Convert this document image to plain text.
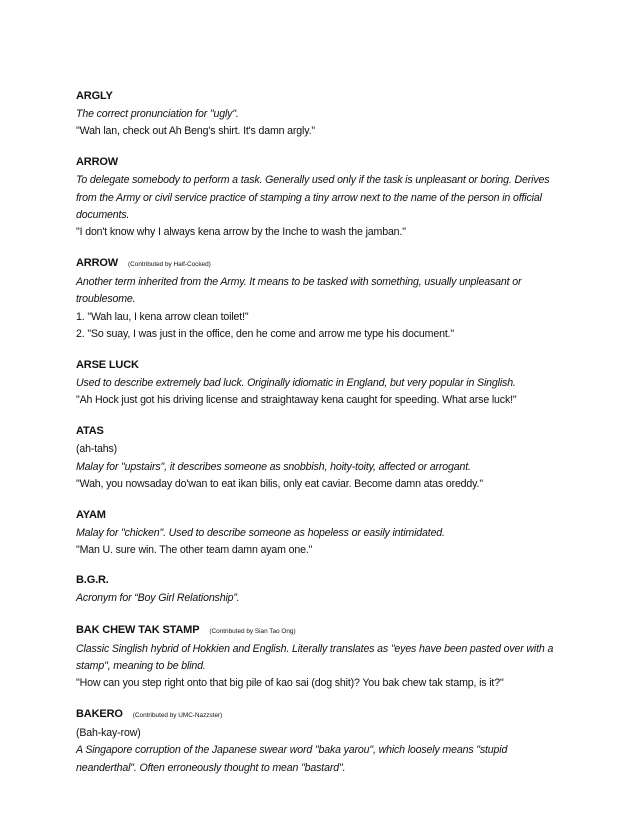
ARGLY
The correct pronunciation for "ugly".
"Wah lan, check out Ah Beng's shirt. It's damn argly."
ARROW
To delegate somebody to perform a task. Generally used only if the task is unpleasant or boring. Derives from the Army or civil service practice of stamping a tiny arrow next to the name of the person in official documents.
"I don't know why I always kena arrow by the Inche to wash the jamban."
ARROW (Contributed by Half-Cocked)
Another term inherited from the Army. It means to be tasked with something, usually unpleasant or troublesome.
1. "Wah lau, I kena arrow clean toilet!"
2. "So suay, I was just in the office, den he come and arrow me type his document."
ARSE LUCK
Used to describe extremely bad luck. Originally idiomatic in England, but very popular in Singlish.
"Ah Hock just got his driving license and straightaway kena caught for speeding. What arse luck!"
ATAS
(ah-tahs)
Malay for "upstairs", it describes someone as snobbish, hoity-toity, affected or arrogant.
"Wah, you nowsaday do'wan to eat ikan bilis, only eat caviar. Become damn atas oreddy."
AYAM
Malay for "chicken". Used to describe someone as hopeless or easily intimidated.
"Man U. sure win. The other team damn ayam one."
B.G.R.
Acronym for “Boy Girl Relationship”.
BAK CHEW TAK STAMP (Contributed by Sian Tao Ong)
Classic Singlish hybrid of Hokkien and English. Literally translates as "eyes have been pasted over with a stamp", meaning to be blind.
"How can you step right onto that big pile of kao sai (dog shit)? You bak chew tak stamp, is it?"
BAKERO (Contributed by UMC-Nazzster)
(Bah-kay-row)
A Singapore corruption of the Japanese swear word "baka yarou", which loosely means "stupid neanderthal". Often erroneously thought to mean "bastard".
